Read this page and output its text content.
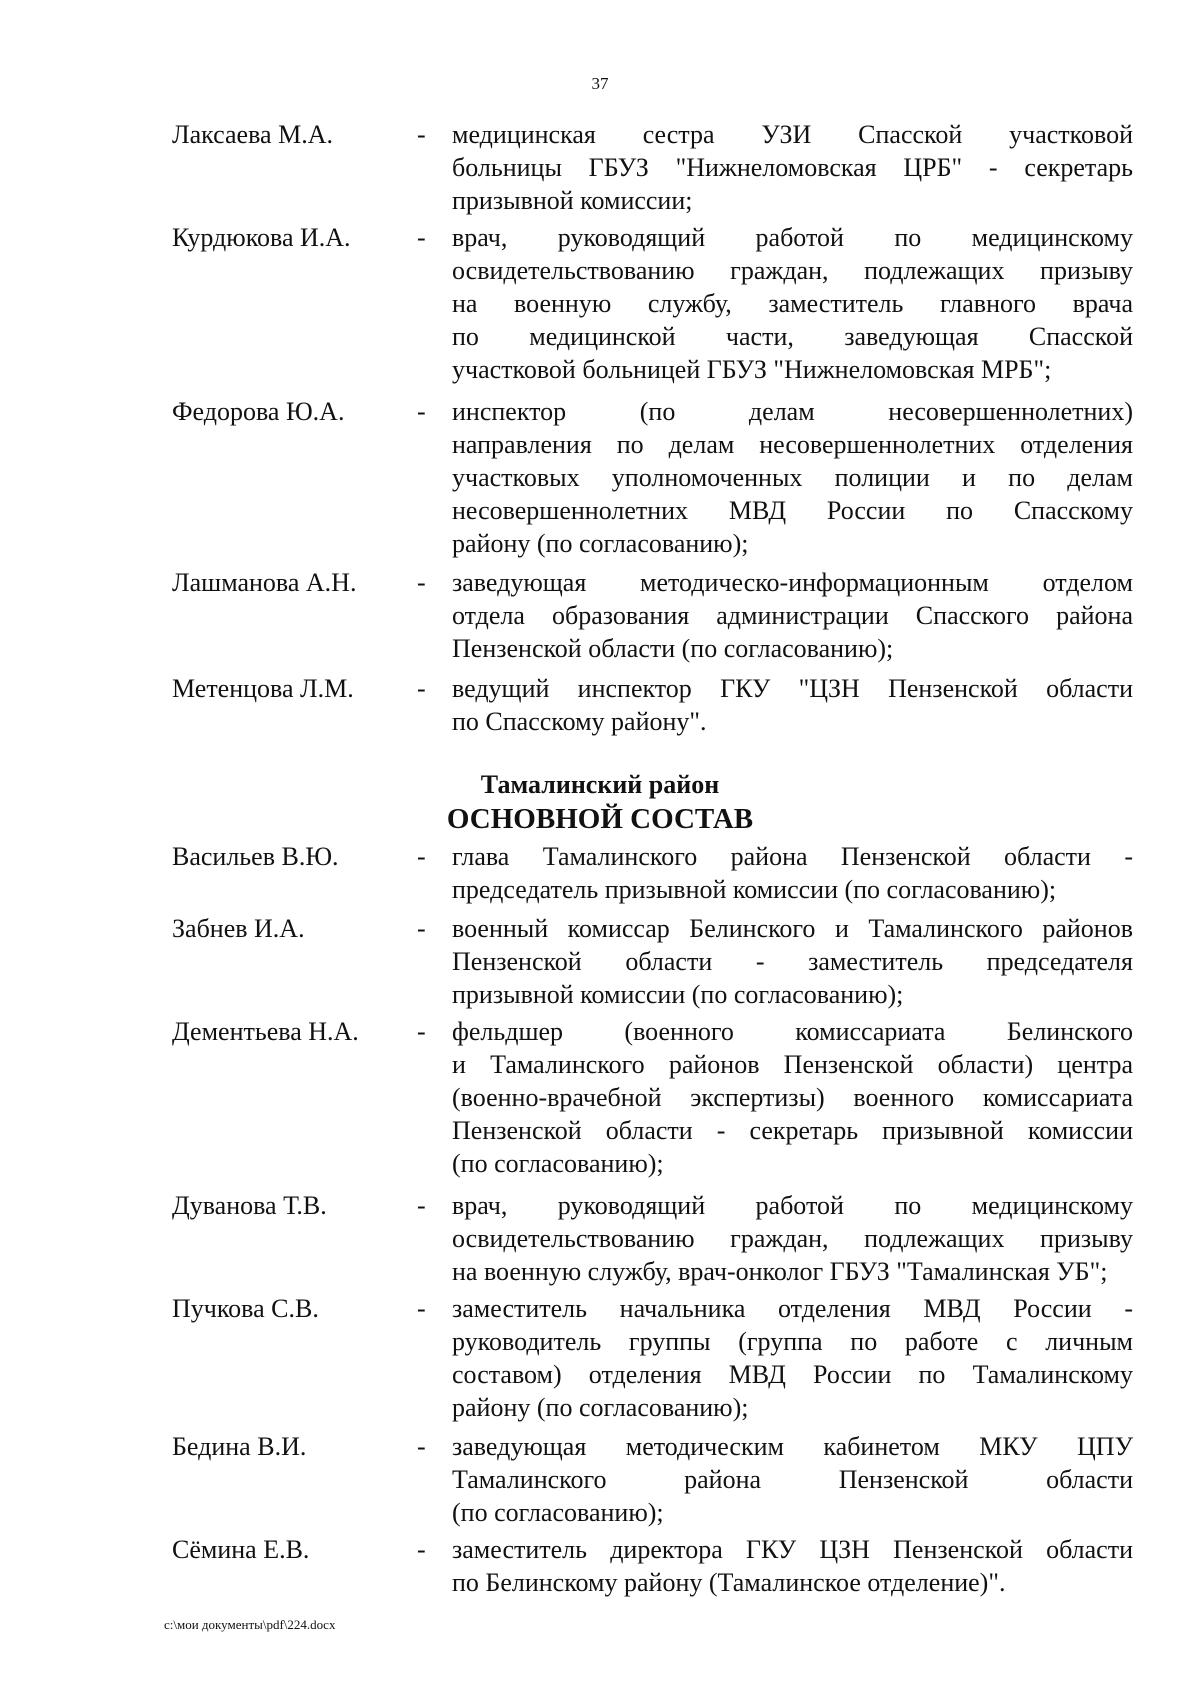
37
Лаксаева М.А.	- медицинская сестра УЗИ Спасской участковой
больницы ГБУЗ "Нижнеломовская ЦРБ" - секретарь
призывной комиссии;
Курдюкова И.А.	- врач, руководящий работой по медицинскому
освидетельствованию граждан, подлежащих призыву
на военную службу, заместитель главного врача
по медицинской части, заведующая Спасской
участковой больницей ГБУЗ "Нижнеломовская МРБ";
Федорова Ю.А.	- инспектор (по делам несовершеннолетних)
направления по делам несовершеннолетних отделения
участковых уполномоченных полиции и по делам
несовершеннолетних МВД России по Спасскому
району (по согласованию);
Лашманова А.Н.	- заведующая методическо-информационным отделом
отдела образования администрации Спасского района
Пензенской области (по согласованию);
Метенцова Л.М.	- ведущий инспектор ГКУ "ЦЗН Пензенской области
по Спасскому району".
Тамалинский район
ОСНОВНОЙ СОСТАВ
Васильев В.Ю.	- глава Тамалинского района Пензенской области -
председатель призывной комиссии (по согласованию);
Забнев И.А.	- военный комиссар Белинского и Тамалинского районов
Пензенской области - заместитель председателя
призывной комиссии (по согласованию);
Дементьева Н.А.	- фельдшер (военного комиссариата Белинского
и Тамалинского районов Пензенской области) центра
(военно-врачебной экспертизы) военного комиссариата
Пензенской области - секретарь призывной комиссии
(по согласованию);
Дуванова Т.В.	- врач, руководящий работой по медицинскому
освидетельствованию граждан, подлежащих призыву
на военную службу, врач-онколог ГБУЗ "Тамалинская УБ";
Пучкова С.В.	- заместитель начальника отделения МВД России -
руководитель группы (группа по работе с личным
составом) отделения МВД России по Тамалинскому
району (по согласованию);
Бедина В.И.	- заведующая методическим кабинетом МКУ ЦПУ
Тамалинского района Пензенской области
(по согласованию);
Сёмина Е.В.	- заместитель директора ГКУ ЦЗН Пензенской области
по Белинскому району (Тамалинское отделение)".
c:\мои документы\pdf\224.docx
